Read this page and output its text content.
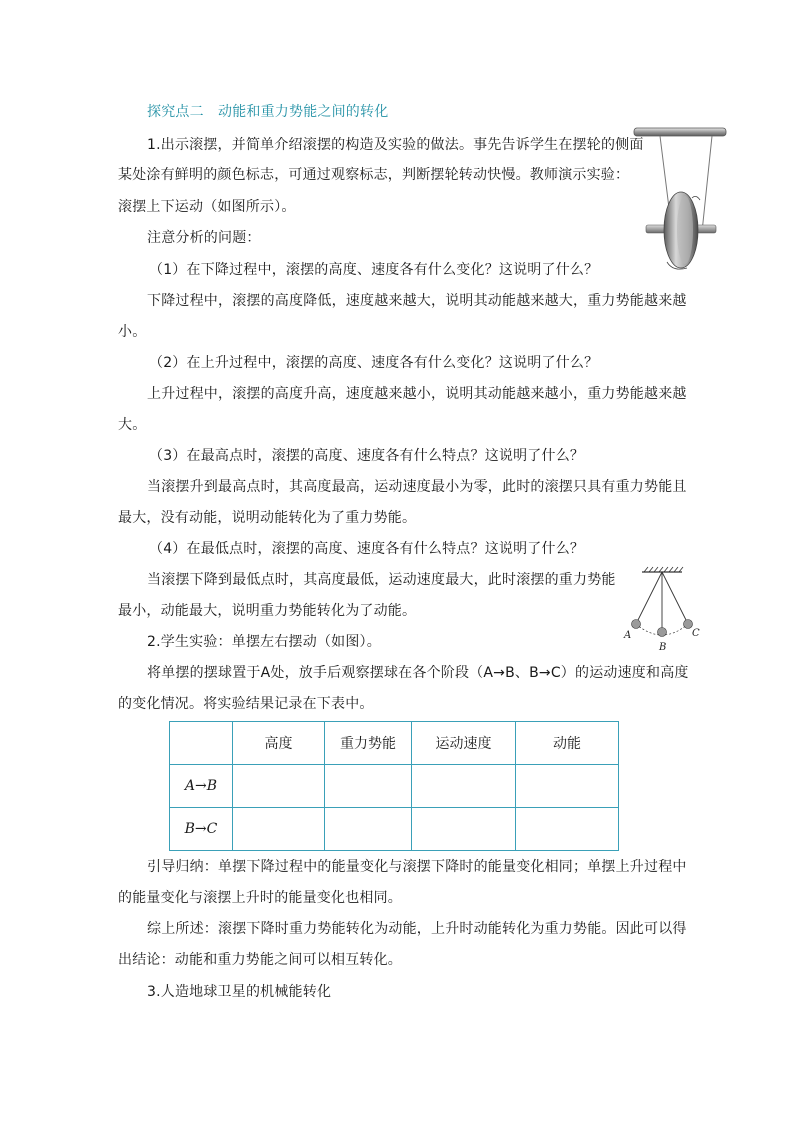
探究点二　动能和重力势能之间的转化
1.出示滚摆，并简单介绍滚摆的构造及实验的做法。事先告诉学生在摆轮的侧面
某处涂有鲜明的颜色标志，可通过观察标志，判断摆轮转动快慢。教师演示实验：
滚摆上下运动（如图所示）。
注意分析的问题：
（1）在下降过程中，滚摆的高度、速度各有什么变化？这说明了什么？
下降过程中，滚摆的高度降低，速度越来越大，说明其动能越来越大，重力势能越来越
小。
（2）在上升过程中，滚摆的高度、速度各有什么变化？这说明了什么？
上升过程中，滚摆的高度升高，速度越来越小，说明其动能越来越小，重力势能越来越
大。
（3）在最高点时，滚摆的高度、速度各有什么特点？这说明了什么？
当滚摆升到最高点时，其高度最高，运动速度最小为零，此时的滚摆只具有重力势能且
最大，没有动能，说明动能转化为了重力势能。
（4）在最低点时，滚摆的高度、速度各有什么特点？这说明了什么？
当滚摆下降到最低点时，其高度最低，运动速度最大，此时滚摆的重力势能
最小，动能最大，说明重力势能转化为了动能。
2.学生实验：单摆左右摆动（如图）。
将单摆的摆球置于A处，放手后观察摆球在各个阶段（A→B、B→C）的运动速度和高度
的变化情况。将实验结果记录在下表中。
	高度	重力势能	运动速度	动能
A→B				
B→C				
引导归纳：单摆下降过程中的能量变化与滚摆下降时的能量变化相同；单摆上升过程中
的能量变化与滚摆上升时的能量变化也相同。
综上所述：滚摆下降时重力势能转化为动能，上升时动能转化为重力势能。因此可以得
出结论：动能和重力势能之间可以相互转化。
3.人造地球卫星的机械能转化
A
B
C
